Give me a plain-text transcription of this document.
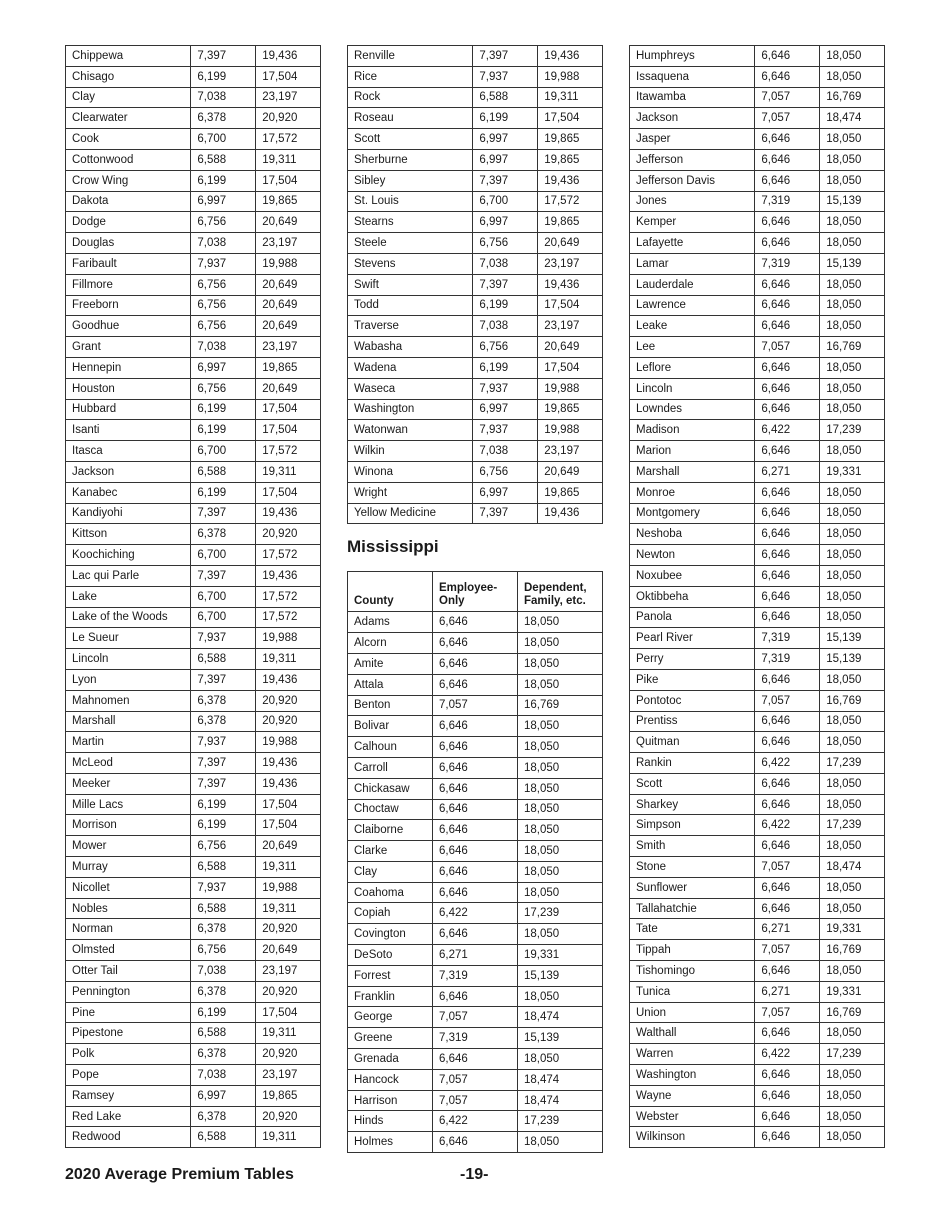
Chippewa	7,397	19,436
Chisago	6,199	17,504
Clay	7,038	23,197
Clearwater	6,378	20,920
Cook	6,700	17,572
Cottonwood	6,588	19,311
Crow Wing	6,199	17,504
Dakota	6,997	19,865
Dodge	6,756	20,649
Douglas	7,038	23,197
Faribault	7,937	19,988
Fillmore	6,756	20,649
Freeborn	6,756	20,649
Goodhue	6,756	20,649
Grant	7,038	23,197
Hennepin	6,997	19,865
Houston	6,756	20,649
Hubbard	6,199	17,504
Isanti	6,199	17,504
Itasca	6,700	17,572
Jackson	6,588	19,311
Kanabec	6,199	17,504
Kandiyohi	7,397	19,436
Kittson	6,378	20,920
Koochiching	6,700	17,572
Lac qui Parle	7,397	19,436
Lake	6,700	17,572
Lake of the Woods	6,700	17,572
Le Sueur	7,937	19,988
Lincoln	6,588	19,311
Lyon	7,397	19,436
Mahnomen	6,378	20,920
Marshall	6,378	20,920
Martin	7,937	19,988
McLeod	7,397	19,436
Meeker	7,397	19,436
Mille Lacs	6,199	17,504
Morrison	6,199	17,504
Mower	6,756	20,649
Murray	6,588	19,311
Nicollet	7,937	19,988
Nobles	6,588	19,311
Norman	6,378	20,920
Olmsted	6,756	20,649
Otter Tail	7,038	23,197
Pennington	6,378	20,920
Pine	6,199	17,504
Pipestone	6,588	19,311
Polk	6,378	20,920
Pope	7,038	23,197
Ramsey	6,997	19,865
Red Lake	6,378	20,920
Redwood	6,588	19,311
Renville	7,397	19,436
Rice	7,937	19,988
Rock	6,588	19,311
Roseau	6,199	17,504
Scott	6,997	19,865
Sherburne	6,997	19,865
Sibley	7,397	19,436
St. Louis	6,700	17,572
Stearns	6,997	19,865
Steele	6,756	20,649
Stevens	7,038	23,197
Swift	7,397	19,436
Todd	6,199	17,504
Traverse	7,038	23,197
Wabasha	6,756	20,649
Wadena	6,199	17,504
Waseca	7,937	19,988
Washington	6,997	19,865
Watonwan	7,937	19,988
Wilkin	7,038	23,197
Winona	6,756	20,649
Wright	6,997	19,865
Yellow Medicine	7,397	19,436
Mississippi
County	Employee-Only	Dependent, Family, etc.
Adams	6,646	18,050
Alcorn	6,646	18,050
Amite	6,646	18,050
Attala	6,646	18,050
Benton	7,057	16,769
Bolivar	6,646	18,050
Calhoun	6,646	18,050
Carroll	6,646	18,050
Chickasaw	6,646	18,050
Choctaw	6,646	18,050
Claiborne	6,646	18,050
Clarke	6,646	18,050
Clay	6,646	18,050
Coahoma	6,646	18,050
Copiah	6,422	17,239
Covington	6,646	18,050
DeSoto	6,271	19,331
Forrest	7,319	15,139
Franklin	6,646	18,050
George	7,057	18,474
Greene	7,319	15,139
Grenada	6,646	18,050
Hancock	7,057	18,474
Harrison	7,057	18,474
Hinds	6,422	17,239
Holmes	6,646	18,050
Humphreys	6,646	18,050
Issaquena	6,646	18,050
Itawamba	7,057	16,769
Jackson	7,057	18,474
Jasper	6,646	18,050
Jefferson	6,646	18,050
Jefferson Davis	6,646	18,050
Jones	7,319	15,139
Kemper	6,646	18,050
Lafayette	6,646	18,050
Lamar	7,319	15,139
Lauderdale	6,646	18,050
Lawrence	6,646	18,050
Leake	6,646	18,050
Lee	7,057	16,769
Leflore	6,646	18,050
Lincoln	6,646	18,050
Lowndes	6,646	18,050
Madison	6,422	17,239
Marion	6,646	18,050
Marshall	6,271	19,331
Monroe	6,646	18,050
Montgomery	6,646	18,050
Neshoba	6,646	18,050
Newton	6,646	18,050
Noxubee	6,646	18,050
Oktibbeha	6,646	18,050
Panola	6,646	18,050
Pearl River	7,319	15,139
Perry	7,319	15,139
Pike	6,646	18,050
Pontotoc	7,057	16,769
Prentiss	6,646	18,050
Quitman	6,646	18,050
Rankin	6,422	17,239
Scott	6,646	18,050
Sharkey	6,646	18,050
Simpson	6,422	17,239
Smith	6,646	18,050
Stone	7,057	18,474
Sunflower	6,646	18,050
Tallahatchie	6,646	18,050
Tate	6,271	19,331
Tippah	7,057	16,769
Tishomingo	6,646	18,050
Tunica	6,271	19,331
Union	7,057	16,769
Walthall	6,646	18,050
Warren	6,422	17,239
Washington	6,646	18,050
Wayne	6,646	18,050
Webster	6,646	18,050
Wilkinson	6,646	18,050
2020 Average Premium Tables	-19-
